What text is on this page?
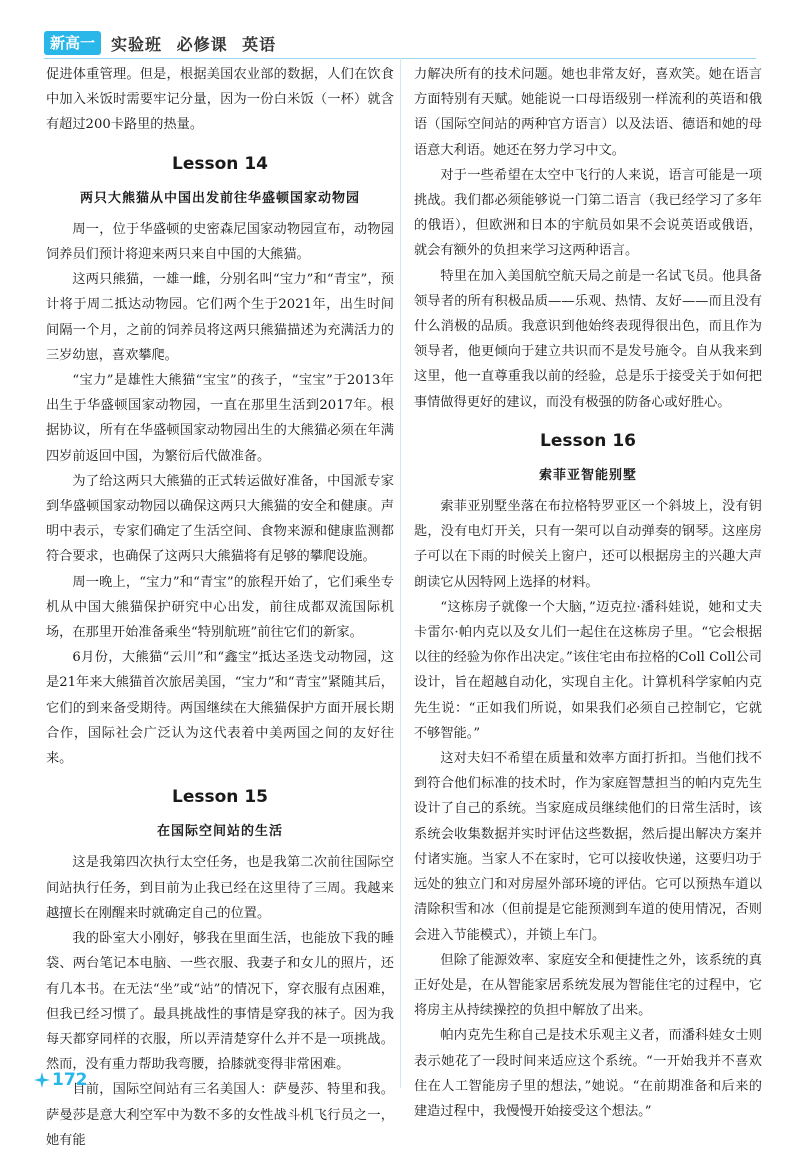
新高一	实验班 必修课 英语

促进体重管理。但是，根据美国农业部的数据，人们在饮食中加入米饭时需要牢记分量，因为一份白米饭（一杯）就含有超过200卡路里的热量。

Lesson 14
两只大熊猫从中国出发前往华盛顿国家动物园

周一，位于华盛顿的史密森尼国家动物园宣布，动物园饲养员们预计将迎来两只来自中国的大熊猫。

这两只熊猫，一雄一雌，分别名叫“宝力”和“青宝”，预计将于周二抵达动物园。它们两个生于2021年，出生时间间隔一个月，之前的饲养员将这两只熊猫描述为充满活力的三岁幼崽，喜欢攀爬。

“宝力”是雄性大熊猫“宝宝”的孩子，“宝宝”于2013年出生于华盛顿国家动物园，一直在那里生活到2017年。根据协议，所有在华盛顿国家动物园出生的大熊猫必须在年满四岁前返回中国，为繁衍后代做准备。

为了给这两只大熊猫的正式转运做好准备，中国派专家到华盛顿国家动物园以确保这两只大熊猫的安全和健康。声明中表示，专家们确定了生活空间、食物来源和健康监测都符合要求，也确保了这两只大熊猫将有足够的攀爬设施。

周一晚上，“宝力”和“青宝”的旅程开始了，它们乘坐专机从中国大熊猫保护研究中心出发，前往成都双流国际机场，在那里开始准备乘坐“特别航班”前往它们的新家。

6月份，大熊猫“云川”和“鑫宝”抵达圣迭戈动物园，这是21年来大熊猫首次旅居美国，“宝力”和“青宝”紧随其后，它们的到来备受期待。两国继续在大熊猫保护方面开展长期合作，国际社会广泛认为这代表着中美两国之间的友好往来。

Lesson 15
在国际空间站的生活

这是我第四次执行太空任务，也是我第二次前往国际空间站执行任务，到目前为止我已经在这里待了三周。我越来越擅长在刚醒来时就确定自己的位置。

我的卧室大小刚好，够我在里面生活，也能放下我的睡袋、两台笔记本电脑、一些衣服、我妻子和女儿的照片，还有几本书。在无法“坐”或“站”的情况下，穿衣服有点困难，但我已经习惯了。最具挑战性的事情是穿我的袜子。因为我每天都穿同样的衣服，所以弄清楚穿什么并不是一项挑战。然而，没有重力帮助我弯腰，拾膝就变得非常困难。

目前，国际空间站有三名美国人：萨曼莎、特里和我。萨曼莎是意大利空军中为数不多的女性战斗机飞行员之一，她有能

力解决所有的技术问题。她也非常友好，喜欢笑。她在语言方面特别有天赋。她能说一口母语级别一样流利的英语和俄语（国际空间站的两种官方语言）以及法语、德语和她的母语意大利语。她还在努力学习中文。

对于一些希望在太空中飞行的人来说，语言可能是一项挑战。我们都必须能够说一门第二语言（我已经学习了多年的俄语），但欧洲和日本的宇航员如果不会说英语或俄语，就会有额外的负担来学习这两种语言。

特里在加入美国航空航天局之前是一名试飞员。他具备领导者的所有积极品质——乐观、热情、友好——而且没有什么消极的品质。我意识到他始终表现得很出色，而且作为领导者，他更倾向于建立共识而不是发号施令。自从我来到这里，他一直尊重我以前的经验，总是乐于接受关于如何把事情做得更好的建议，而没有极强的防备心或好胜心。

Lesson 16
索菲亚智能别墅

索菲亚别墅坐落在布拉格特罗亚区一个斜坡上，没有钥匙，没有电灯开关，只有一架可以自动弹奏的钢琴。这座房子可以在下雨的时候关上窗户，还可以根据房主的兴趣大声朗读它从因特网上选择的材料。

“这栋房子就像一个大脑，”迈克拉·潘科娃说，她和丈夫卡雷尔·帕内克以及女儿们一起住在这栋房子里。“它会根据以往的经验为你作出决定。”该住宅由布拉格的Coll Coll公司设计，旨在超越自动化，实现自主化。计算机科学家帕内克先生说：“正如我们所说，如果我们必须自己控制它，它就不够智能。”

这对夫妇不希望在质量和效率方面打折扣。当他们找不到符合他们标准的技术时，作为家庭智慧担当的帕内克先生设计了自己的系统。当家庭成员继续他们的日常生活时，该系统会收集数据并实时评估这些数据，然后提出解决方案并付诸实施。当家人不在家时，它可以接收快递，这要归功于远处的独立门和对房屋外部环境的评估。它可以预热车道以清除积雪和冰（但前提是它能预测到车道的使用情况，否则会进入节能模式），并锁上车门。

但除了能源效率、家庭安全和便捷性之外，该系统的真正好处是，在从智能家居系统发展为智能住宅的过程中，它将房主从持续操控的负担中解放了出来。

帕内克先生称自己是技术乐观主义者，而潘科娃女士则表示她花了一段时间来适应这个系统。“一开始我并不喜欢住在人工智能房子里的想法，”她说。“在前期准备和后来的建造过程中，我慢慢开始接受这个想法。”

172
